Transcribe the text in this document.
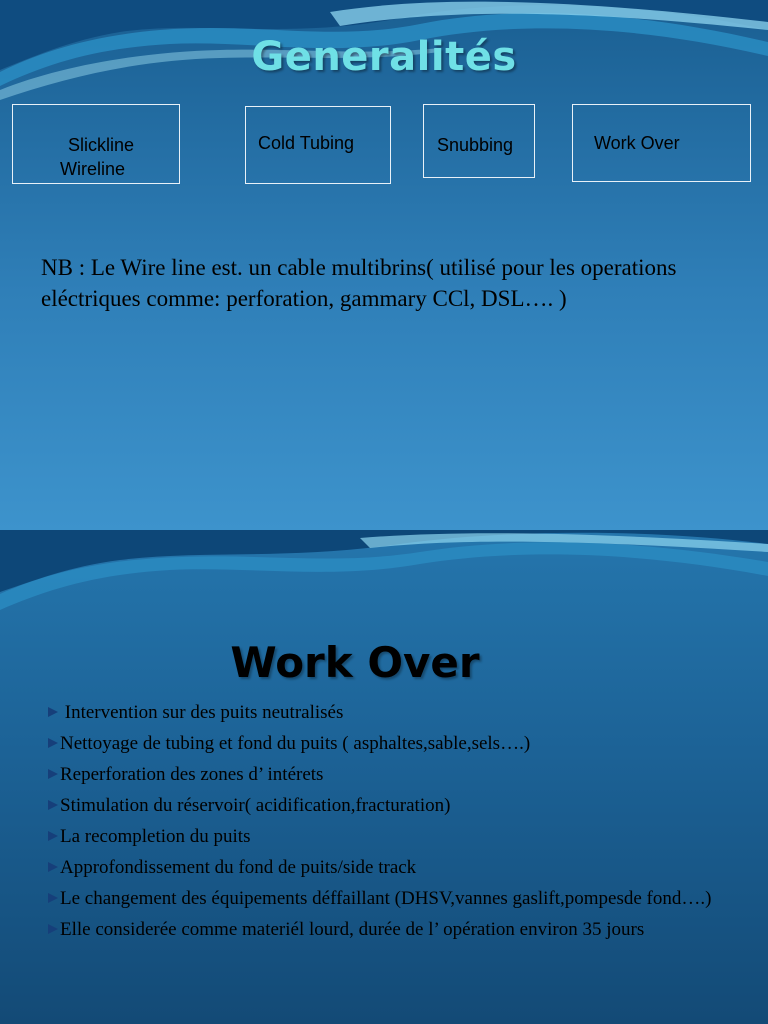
Generalités
Slickline
Wireline
Cold Tubing	Snubbing	Work Over
NB : Le Wire line est. un cable multibrins( utilisé pour les operations eléctriques comme: perforation, gammary CCl, DSL…. )
Work Over
Intervention sur des puits neutralisés
Nettoyage de tubing et fond du puits ( asphaltes,sable,sels….)
Reperforation des zones d’ intérets
Stimulation du réservoir( acidification,fracturation)
La recompletion du puits
Approfondissement du fond de puits/side track
Le changement des équipements déffaillant (DHSV,vannes gaslift,pompesde fond….)
Elle considerée comme materiél lourd, durée de l’ opération environ 35 jours
